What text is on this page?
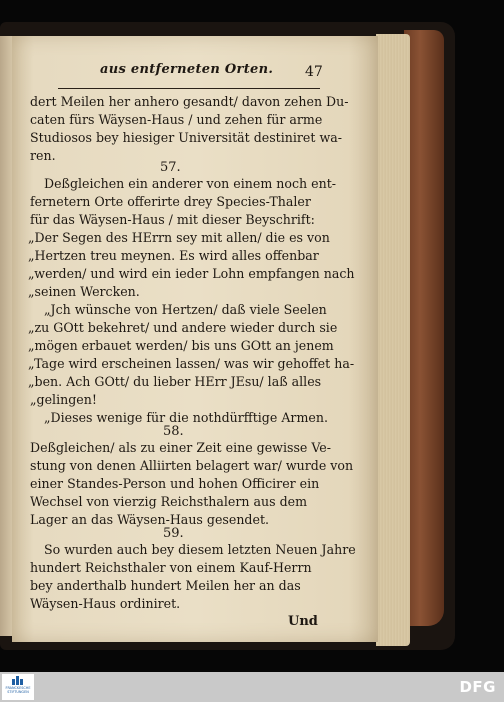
aus entferneten Orten. 47
dert Meilen her anhero gesandt/ davon zehen Du-
caten fürs Wäysen-Haus / und zehen für arme
Studiosos bey hiesiger Universität destiniret wa-
ren.
57.
Deßgleichen ein anderer von einem noch ent-
fernetern Orte offerirte drey Species-Thaler
für das Wäysen-Haus / mit dieser Beyschrift:
„Der Segen des HErrn sey mit allen/ die es von
„Hertzen treu meynen. Es wird alles offenbar
„werden/ und wird ein ieder Lohn empfangen nach
„seinen Wercken.
„Jch wünsche von Hertzen/ daß viele Seelen
„zu GOtt bekehret/ und andere wieder durch sie
„mögen erbauet werden/ bis uns GOtt an jenem
„Tage wird erscheinen lassen/ was wir gehoffet ha-
„ben. Ach GOtt/ du lieber HErr JEsu/ laß alles
„gelingen!
„Dieses wenige für die nothdürfftige Armen.
58.
Deßgleichen/ als zu einer Zeit eine gewisse Ve-
stung von denen Alliirten belagert war/ wurde von
einer Standes-Person und hohen Officirer ein
Wechsel von vierzig Reichsthalern aus dem
Lager an das Wäysen-Haus gesendet.
59.
So wurden auch bey diesem letzten Neuen Jahre
hundert Reichsthaler von einem Kauf-Herrn
bey anderthalb hundert Meilen her an das
Wäysen-Haus ordiniret.
Und
FRANCKESCHE
STIFTUNGEN	DFG
